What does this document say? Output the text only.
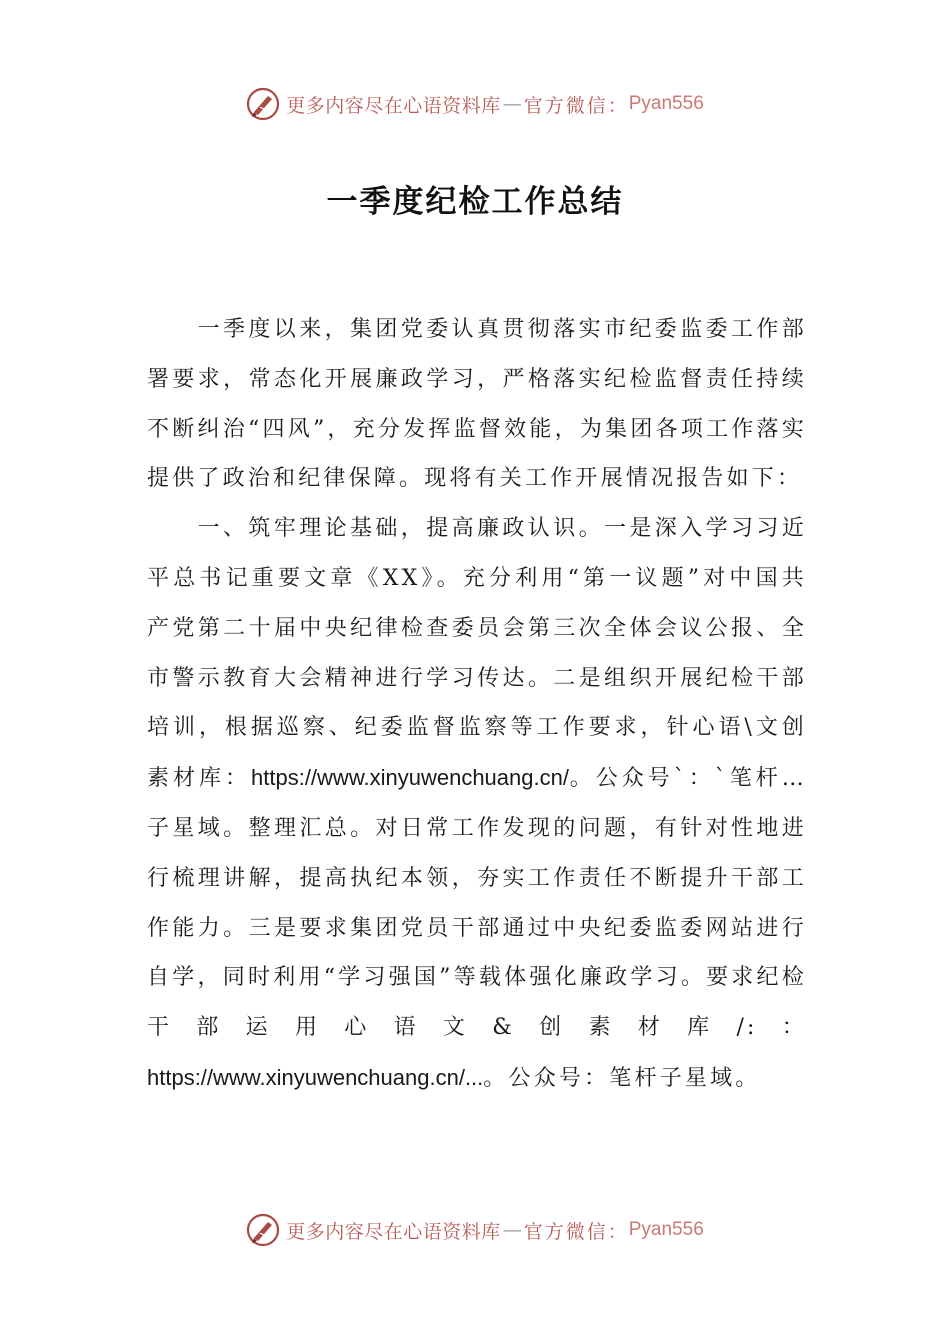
更多内容尽在心语资料库 — 官方微信： Pyan556
一季度纪检工作总结

一季度以来，集团党委认真贯彻落实市纪委监委工作部署要求，常态化开展廉政学习，严格落实纪检监督责任持续不断纠治“四风”，充分发挥监督效能，为集团各项工作落实提供了政治和纪律保障。现将有关工作开展情况报告如下：

一、筑牢理论基础，提高廉政认识。一是深入学习习近平总书记重要文章《XX》。充分利用“第一议题”对中国共产党第二十届中央纪律检查委员会第三次全体会议公报、全市警示教育大会精神进行学习传达。二是组织开展纪检干部培训，根据巡察、纪委监督监察等工作要求，针心语\文创素材库：https://www.xinyuwenchuang.cn/。公众号`：`笔杆…子星域。整理汇总。对日常工作发现的问题，有针对性地进行梳理讲解，提高执纪本领，夯实工作责任不断提升干部工作能力。三是要求集团党员干部通过中央纪委监委网站进行自学，同时利用“学习强国”等载体强化廉政学习。要求纪检干部运用心语文&创素材库/:：https://www.xinyuwenchuang.cn/...。公众号：笔杆子星域。

更多内容尽在心语资料库 — 官方微信： Pyan556
